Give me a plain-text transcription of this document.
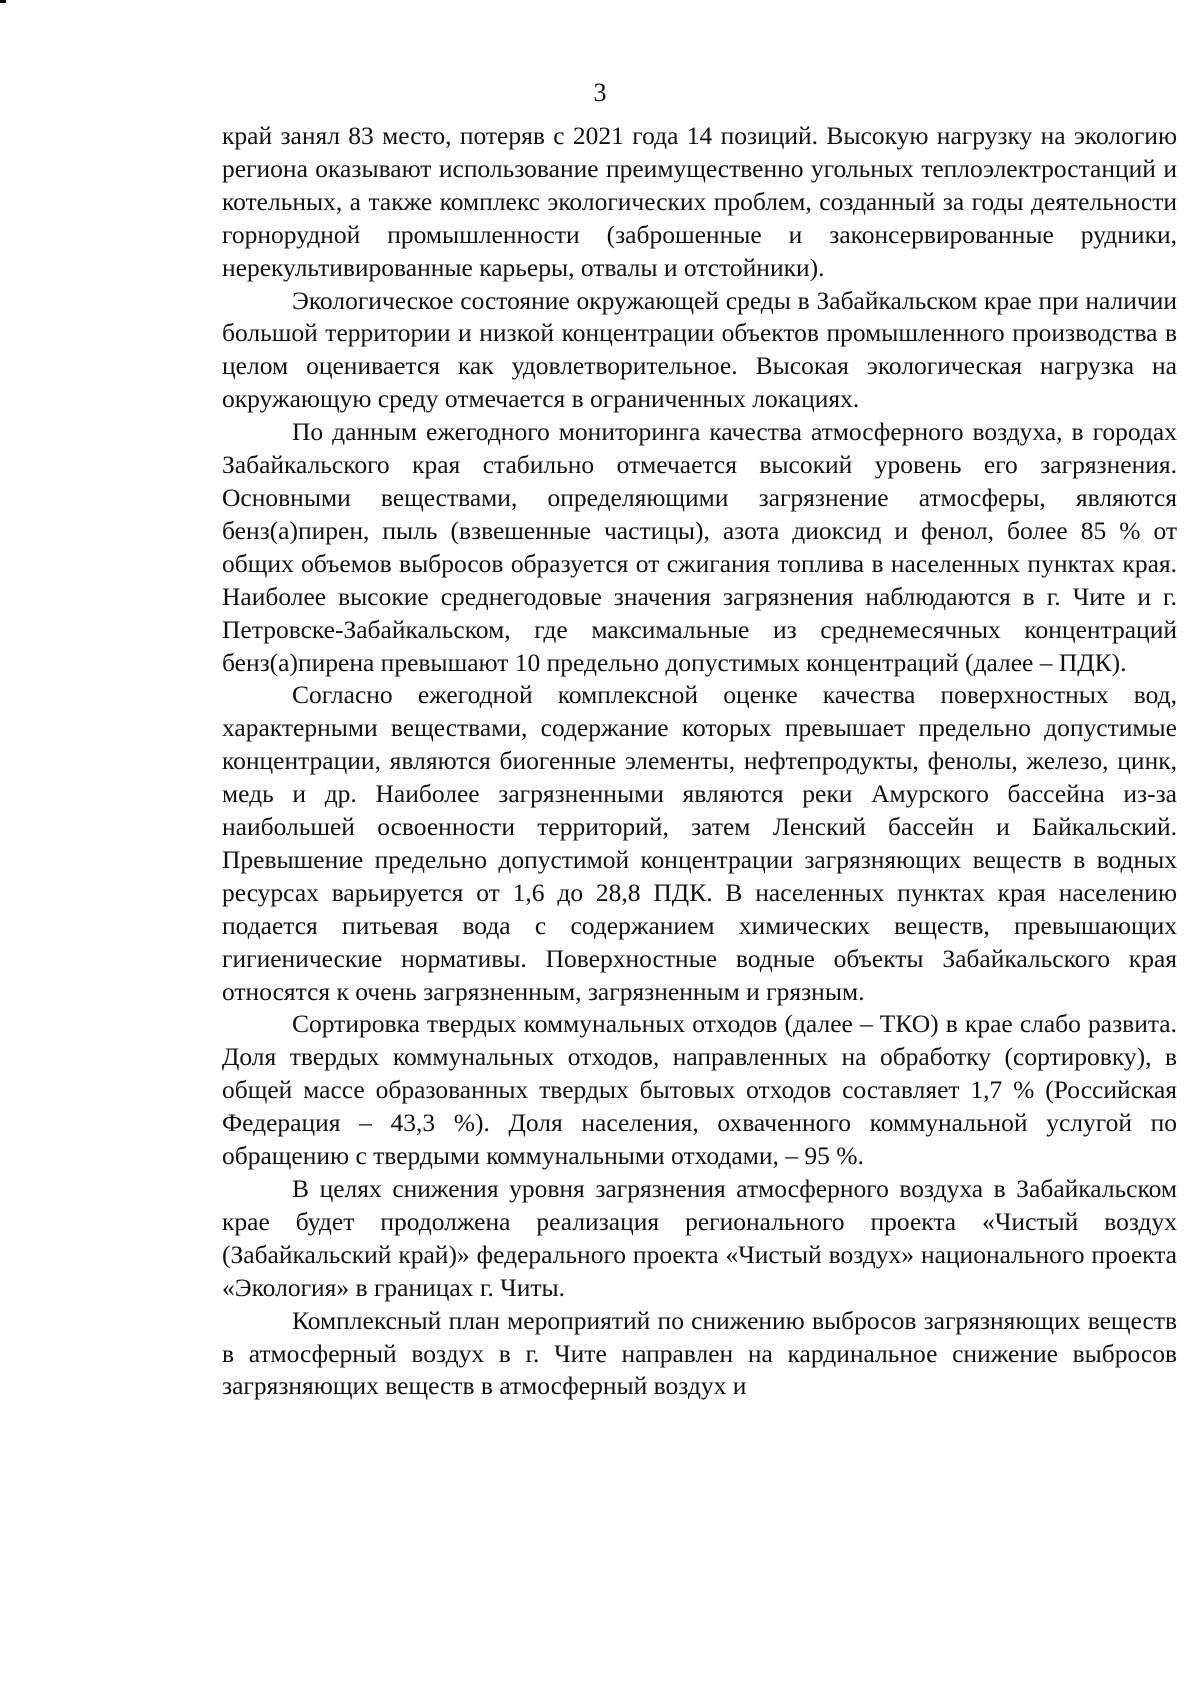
3

край занял 83 место, потеряв с 2021 года 14 позиций. Высокую нагрузку на экологию региона оказывают использование преимущественно угольных теплоэлектростанций и котельных, а также комплекс экологических проблем, созданный за годы деятельности горнорудной промышленности (заброшенные и законсервированные рудники, нерекультивированные карьеры, отвалы и отстойники).

Экологическое состояние окружающей среды в Забайкальском крае при наличии большой территории и низкой концентрации объектов промышленного производства в целом оценивается как удовлетворительное. Высокая экологическая нагрузка на окружающую среду отмечается в ограниченных локациях.

По данным ежегодного мониторинга качества атмосферного воздуха, в городах Забайкальского края стабильно отмечается высокий уровень его загрязнения. Основными веществами, определяющими загрязнение атмосферы, являются бенз(а)пирен, пыль (взвешенные частицы), азота диоксид и фенол, более 85 % от общих объемов выбросов образуется от сжигания топлива в населенных пунктах края. Наиболее высокие среднегодовые значения загрязнения наблюдаются в г. Чите и г. Петровске-Забайкальском, где максимальные из среднемесячных концентраций бенз(а)пирена превышают 10 предельно допустимых концентраций (далее – ПДК).

Согласно ежегодной комплексной оценке качества поверхностных вод, характерными веществами, содержание которых превышает предельно допустимые концентрации, являются биогенные элементы, нефтепродукты, фенолы, железо, цинк, медь и др. Наиболее загрязненными являются реки Амурского бассейна из-за наибольшей освоенности территорий, затем Ленский бассейн и Байкальский. Превышение предельно допустимой концентрации загрязняющих веществ в водных ресурсах варьируется от 1,6 до 28,8 ПДК. В населенных пунктах края населению подается питьевая вода с содержанием химических веществ, превышающих гигиенические нормативы. Поверхностные водные объекты Забайкальского края относятся к очень загрязненным, загрязненным и грязным.

Сортировка твердых коммунальных отходов (далее – ТКО) в крае слабо развита. Доля твердых коммунальных отходов, направленных на обработку (сортировку), в общей массе образованных твердых бытовых отходов составляет 1,7 % (Российская Федерация – 43,3 %). Доля населения, охваченного коммунальной услугой по обращению с твердыми коммунальными отходами, – 95 %.

В целях снижения уровня загрязнения атмосферного воздуха в Забайкальском крае будет продолжена реализация регионального проекта «Чистый воздух (Забайкальский край)» федерального проекта «Чистый воздух» национального проекта «Экология» в границах г. Читы.

Комплексный план мероприятий по снижению выбросов загрязняющих веществ в атмосферный воздух в г. Чите направлен на кардинальное снижение выбросов загрязняющих веществ в атмосферный воздух и
